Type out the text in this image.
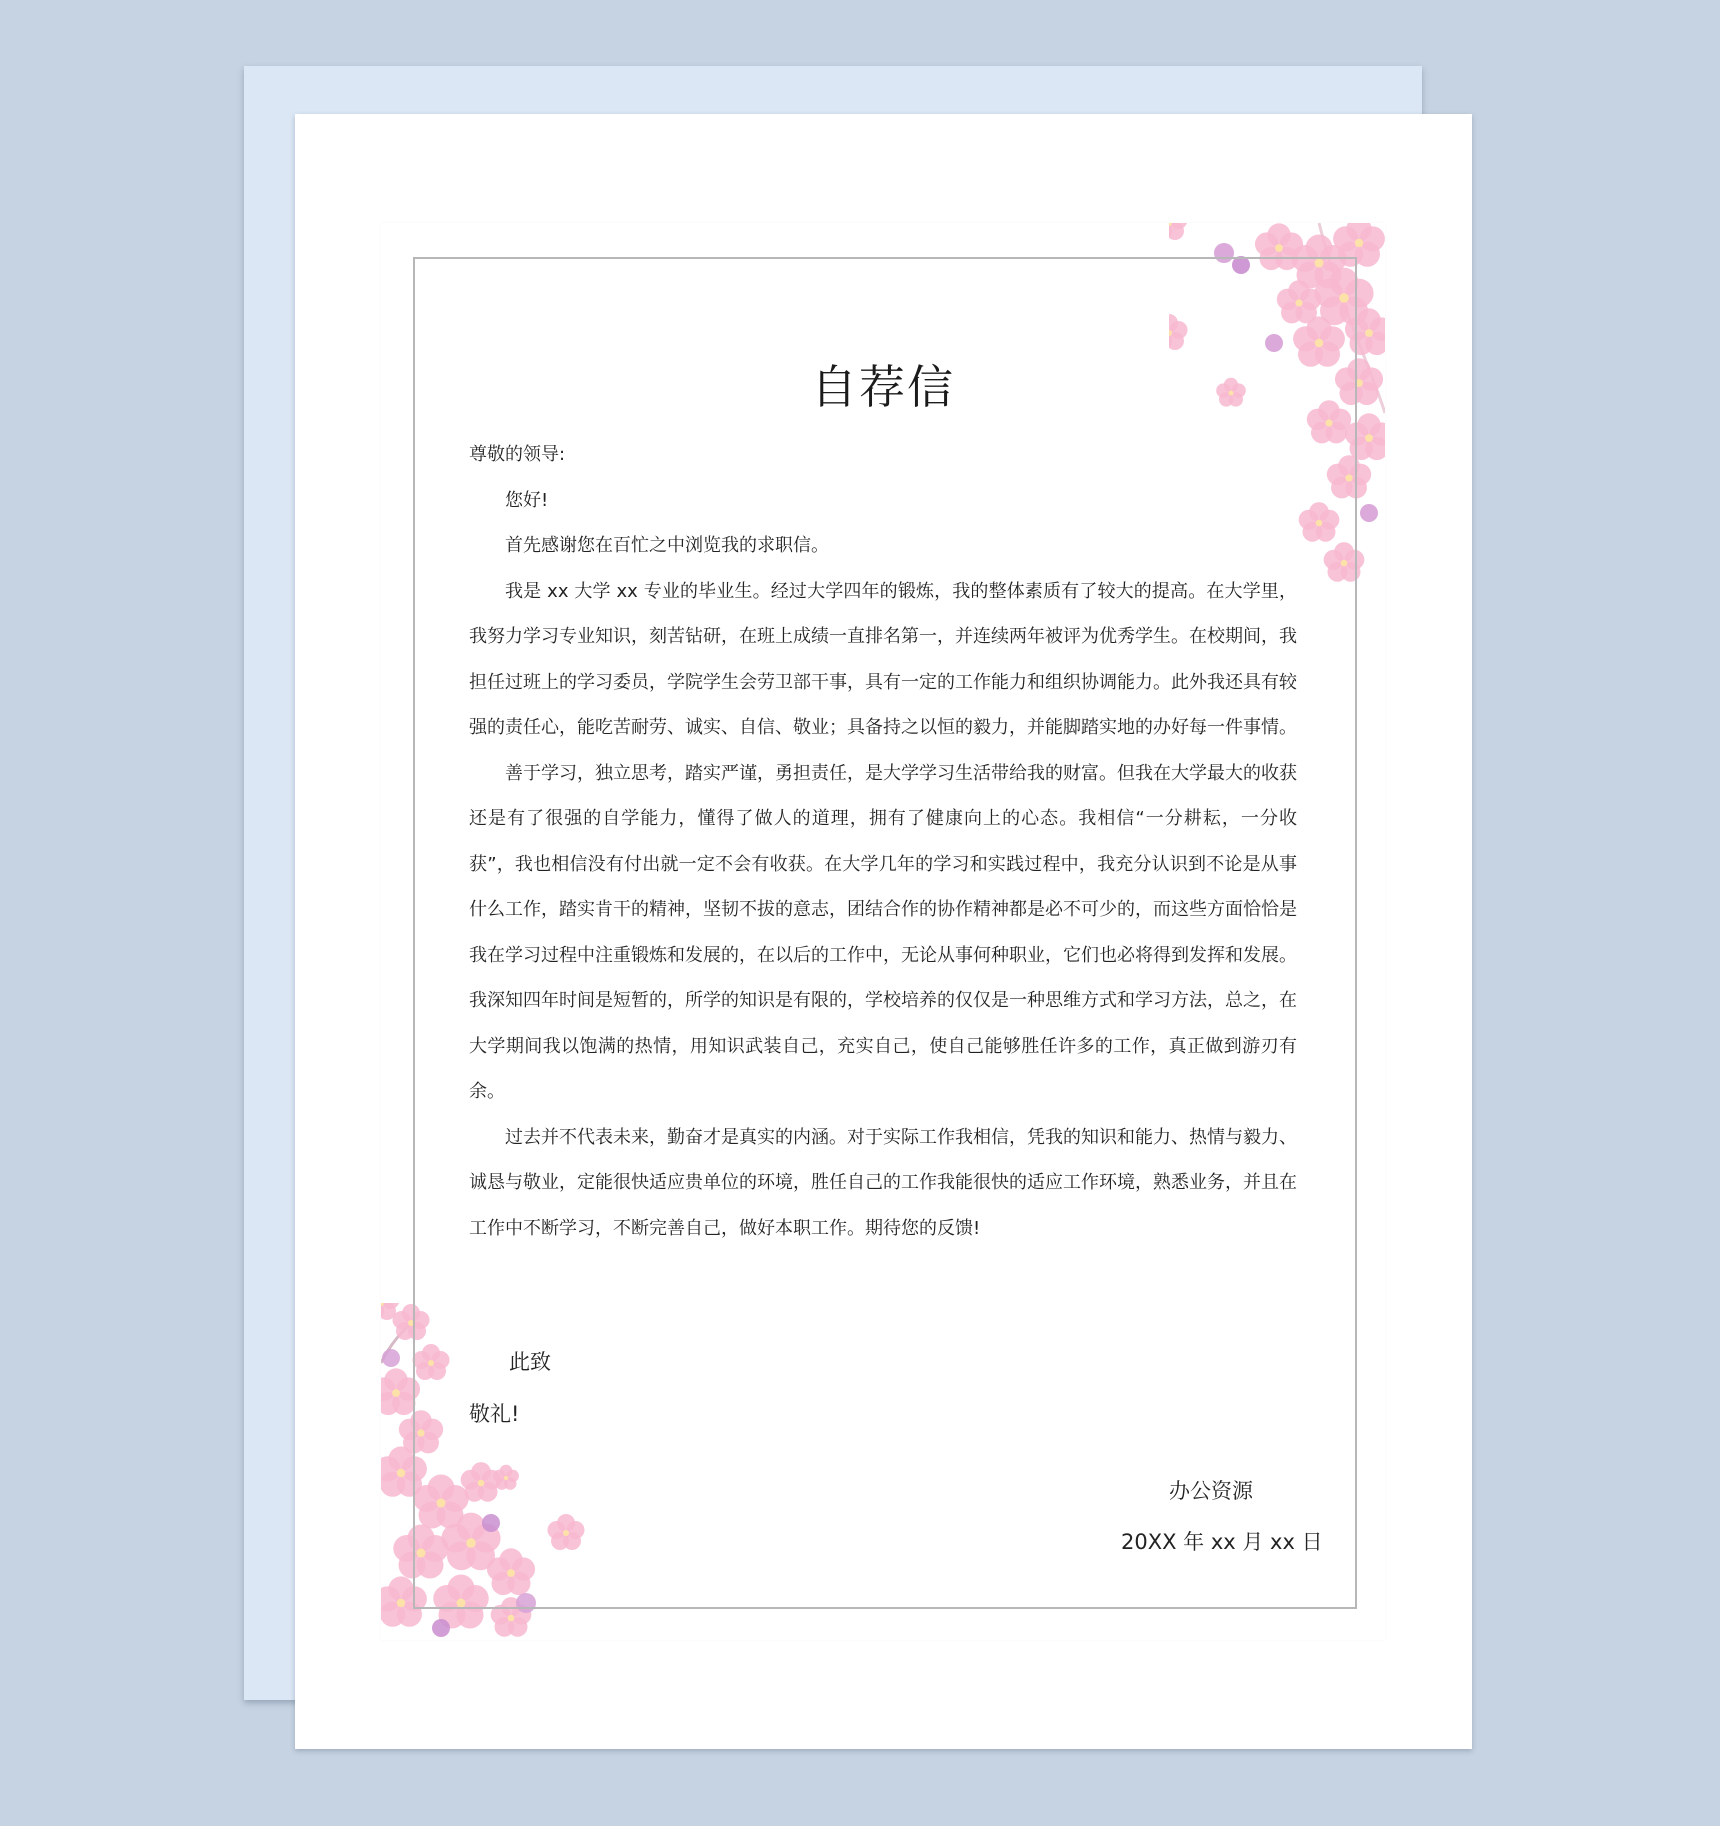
自荐信

尊敬的领导:

您好!

首先感谢您在百忙之中浏览我的求职信。

我是 xx 大学 xx 专业的毕业生。经过大学四年的锻炼，我的整体素质有了较大的提高。在大学里，我努力学习专业知识，刻苦钻研，在班上成绩一直排名第一，并连续两年被评为优秀学生。在校期间，我担任过班上的学习委员，学院学生会劳卫部干事，具有一定的工作能力和组织协调能力。此外我还具有较强的责任心，能吃苦耐劳、诚实、自信、敬业；具备持之以恒的毅力，并能脚踏实地的办好每一件事情。

善于学习，独立思考，踏实严谨，勇担责任，是大学学习生活带给我的财富。但我在大学最大的收获还是有了很强的自学能力，懂得了做人的道理，拥有了健康向上的心态。我相信“一分耕耘，一分收获”，我也相信没有付出就一定不会有收获。在大学几年的学习和实践过程中，我充分认识到不论是从事什么工作，踏实肯干的精神，坚韧不拔的意志，团结合作的协作精神都是必不可少的，而这些方面恰恰是我在学习过程中注重锻炼和发展的，在以后的工作中，无论从事何种职业，它们也必将得到发挥和发展。我深知四年时间是短暂的，所学的知识是有限的，学校培养的仅仅是一种思维方式和学习方法，总之，在大学期间我以饱满的热情，用知识武装自己，充实自己，使自己能够胜任许多的工作，真正做到游刃有余。

过去并不代表未来，勤奋才是真实的内涵。对于实际工作我相信，凭我的知识和能力、热情与毅力、诚恳与敬业，定能很快适应贵单位的环境，胜任自己的工作我能很快的适应工作环境，熟悉业务，并且在工作中不断学习，不断完善自己，做好本职工作。期待您的反馈!

此致
敬礼!
办公资源
20XX 年 xx 月 xx 日
